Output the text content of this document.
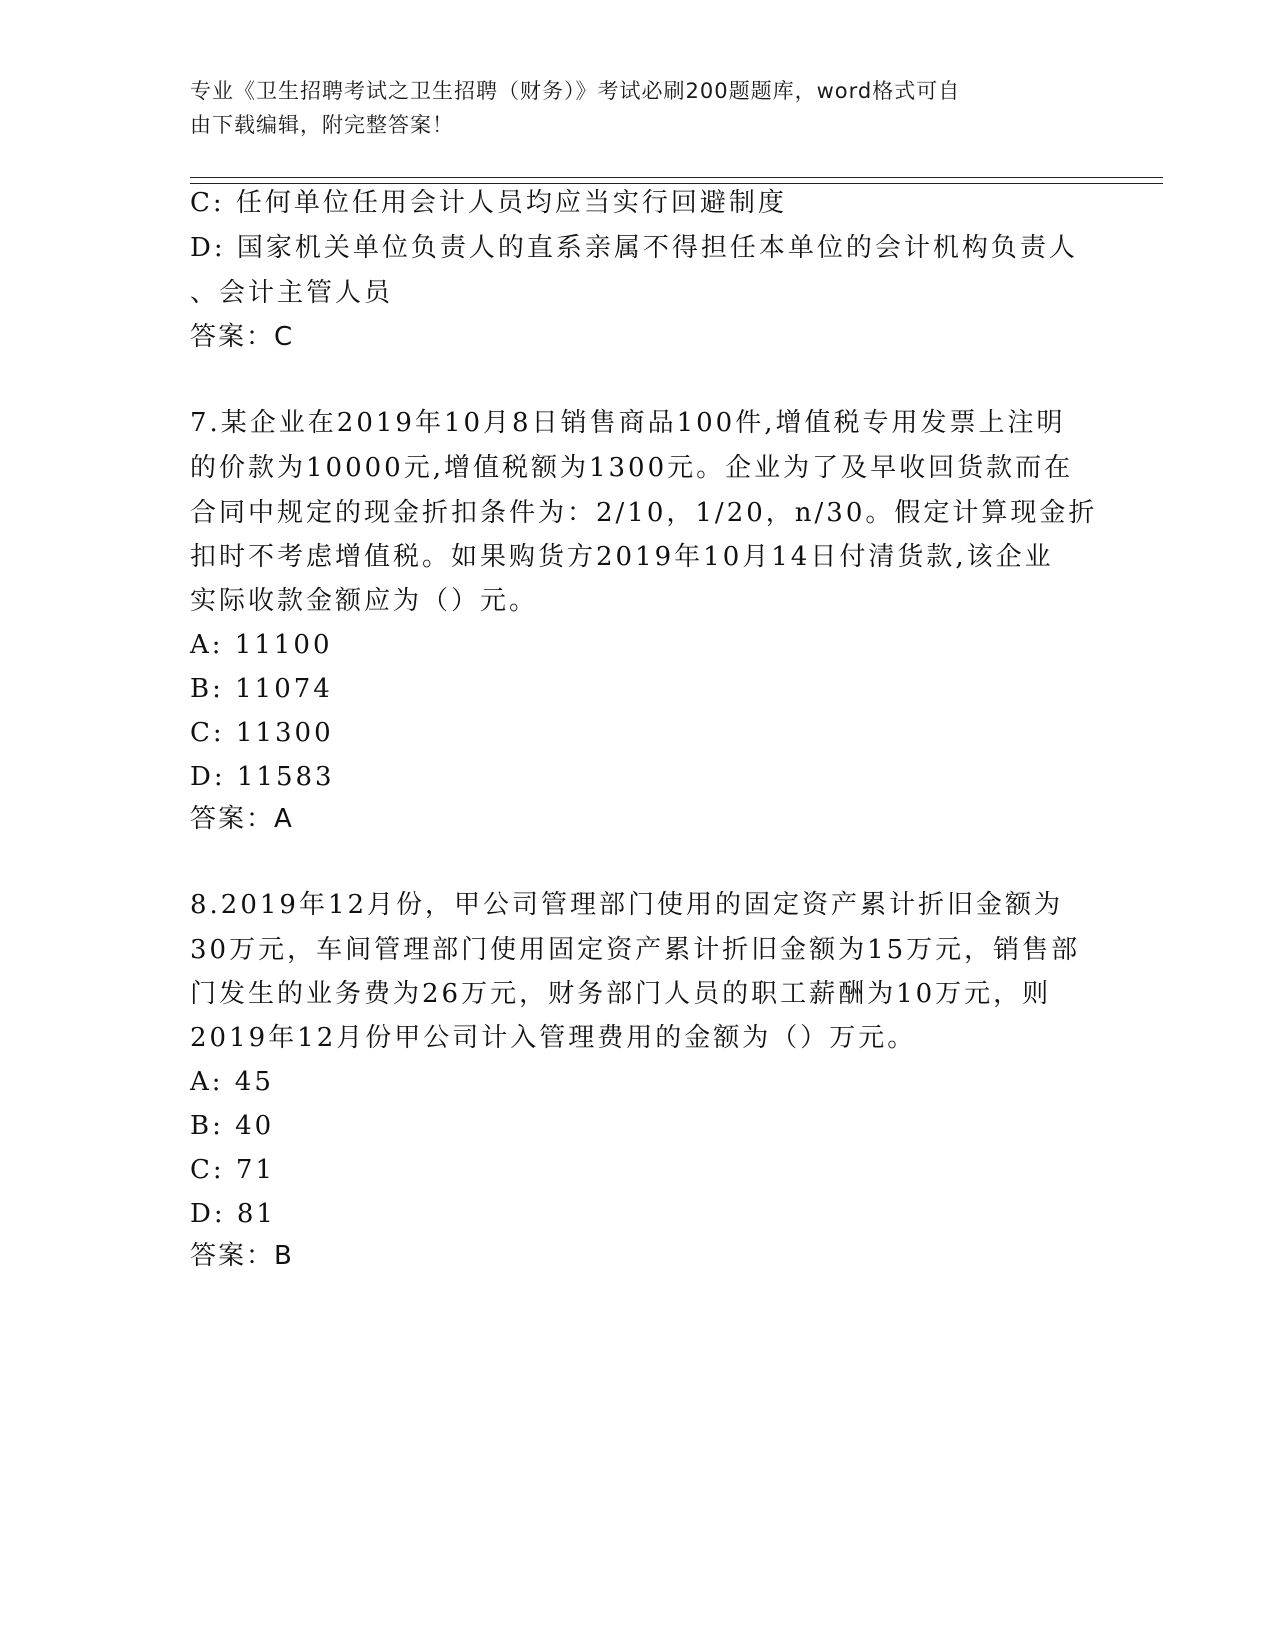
专业《卫生招聘考试之卫生招聘（财务）》考试必刷200题题库，word格式可自
由下载编辑，附完整答案！
C: 任何单位任用会计人员均应当实行回避制度
D: 国家机关单位负责人的直系亲属不得担任本单位的会计机构负责人
、会计主管人员
答案：C
7.某企业在2019年10月8日销售商品100件,增值税专用发票上注明
的价款为10000元,增值税额为1300元。企业为了及早收回货款而在
合同中规定的现金折扣条件为：2/10，1/20，n/30。假定计算现金折
扣时不考虑增值税。如果购货方2019年10月14日付清货款,该企业
实际收款金额应为（）元。
A: 11100
B: 11074
C: 11300
D: 11583
答案：A
8.2019年12月份，甲公司管理部门使用的固定资产累计折旧金额为
30万元，车间管理部门使用固定资产累计折旧金额为15万元，销售部
门发生的业务费为26万元，财务部门人员的职工薪酬为10万元，则
2019年12月份甲公司计入管理费用的金额为（）万元。
A: 45
B: 40
C: 71
D: 81
答案：B
